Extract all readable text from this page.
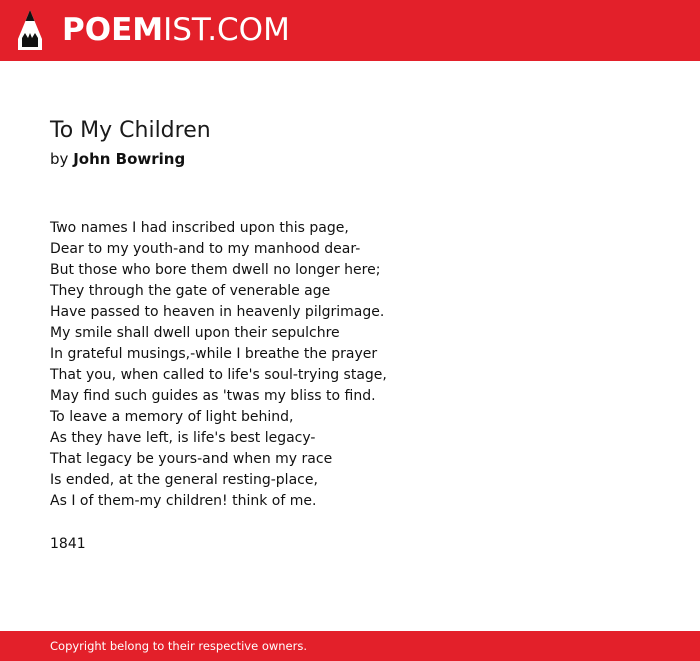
POEMIST.COM
To My Children
by John Bowring
Two names I had inscribed upon this page,
Dear to my youth-and to my manhood dear-
But those who bore them dwell no longer here;
They through the gate of venerable age
Have passed to heaven in heavenly pilgrimage.
My smile shall dwell upon their sepulchre
In grateful musings,-while I breathe the prayer
That you, when called to life's soul-trying stage,
May find such guides as 'twas my bliss to find.
To leave a memory of light behind,
As they have left, is life's best legacy-
That legacy be yours-and when my race
Is ended, at the general resting-place,
As I of them-my children! think of me.
1841
Copyright belong to their respective owners.
